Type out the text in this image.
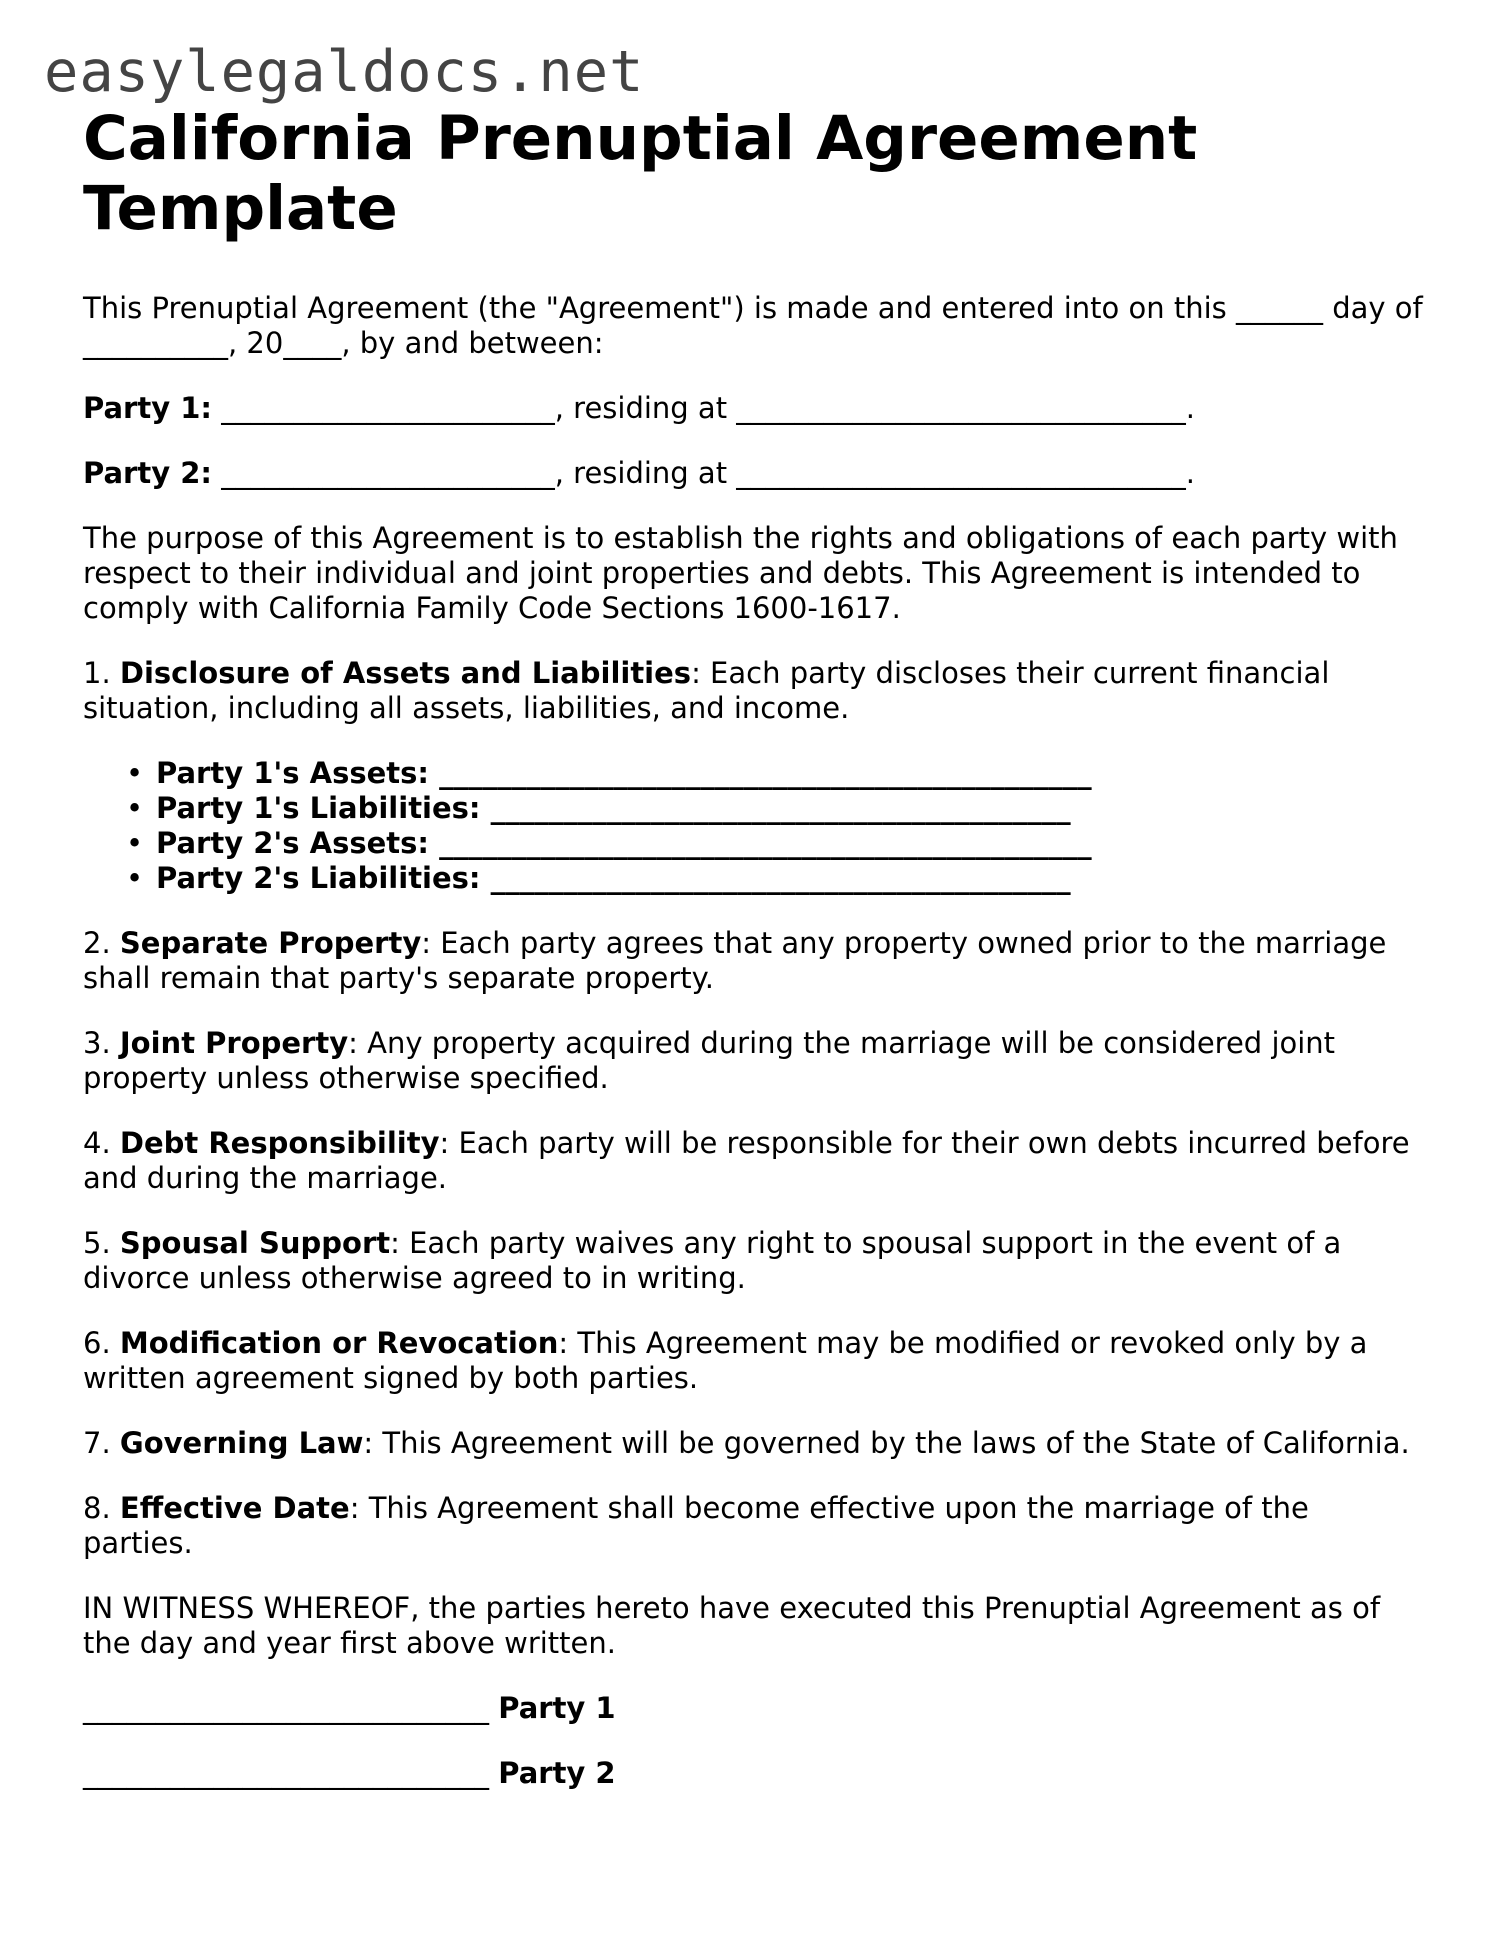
easylegaldocs.net
California Prenuptial Agreement Template

This Prenuptial Agreement (the "Agreement") is made and entered into on this ______ day of __________, 20____, by and between:

Party 1: _______________________, residing at _______________________________.

Party 2: _______________________, residing at _______________________________.

The purpose of this Agreement is to establish the rights and obligations of each party with respect to their individual and joint properties and debts. This Agreement is intended to comply with California Family Code Sections 1600-1617.

1. Disclosure of Assets and Liabilities: Each party discloses their current financial situation, including all assets, liabilities, and income.

• Party 1's Assets: _____________________________________________
• Party 1's Liabilities: ________________________________________
• Party 2's Assets: _____________________________________________
• Party 2's Liabilities: ________________________________________

2. Separate Property: Each party agrees that any property owned prior to the marriage shall remain that party's separate property.

3. Joint Property: Any property acquired during the marriage will be considered joint property unless otherwise specified.

4. Debt Responsibility: Each party will be responsible for their own debts incurred before and during the marriage.

5. Spousal Support: Each party waives any right to spousal support in the event of a divorce unless otherwise agreed to in writing.

6. Modification or Revocation: This Agreement may be modified or revoked only by a written agreement signed by both parties.

7. Governing Law: This Agreement will be governed by the laws of the State of California.

8. Effective Date: This Agreement shall become effective upon the marriage of the parties.

IN WITNESS WHEREOF, the parties hereto have executed this Prenuptial Agreement as of the day and year first above written.

____________________________ Party 1

____________________________ Party 2
